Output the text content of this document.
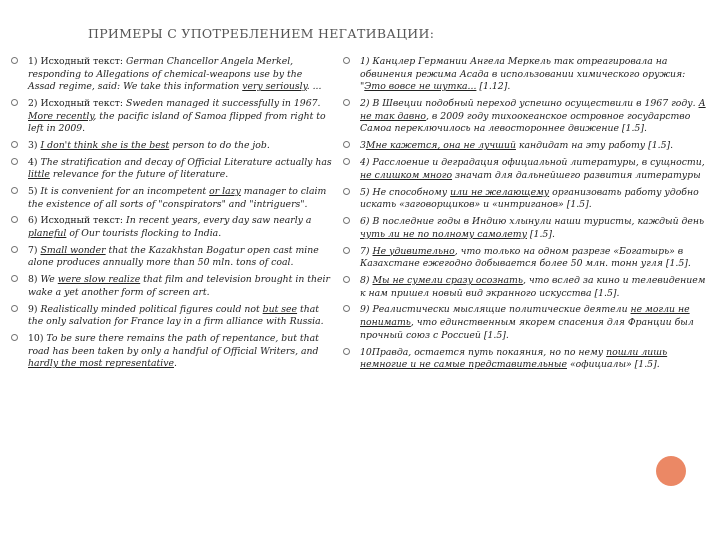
ПРИМЕРЫ С УПОТРЕБЛЕНИЕМ НЕГАТИВАЦИИ:
1) Исходный текст: German Chancellor Angela Merkel, responding to Allegations of chemical-weapons use by the Assad regime, said: We take this information very seriously. ...
2) Исходный текст: Sweden managed it successfully in 1967. More recently, the pacific island of Samoa flipped from right to left in 2009.
3) I don't think she is the best person to do the job.
4) The stratification and decay of Official Literature actually has little relevance for the future of literature.
5) It is convenient for an incompetent or lazy manager to claim the existence of all sorts of "conspirators" and "intriguers".
6) Исходный текст: In recent years, every day saw nearly a planeful of Our tourists flocking to India.
7) Small wonder that the Kazakhstan Bogatur open cast mine alone produces annually more than 50 mln. tons of coal.
8) We were slow realize that film and television brought in their wake a yet another form of screen art.
9) Realistically minded political figures could not but see that the only salvation for France lay in a firm alliance with Russia.
10) To be sure there remains the path of repentance, but that road has been taken by only a handful of Official Writers, and hardly the most representative.
1) Канцлер Германии Ангела Меркель так отреагировала на обвинения режима Асада в использовании химического оружия: "Это вовсе не шутка... [1.12].
2) В Швеции подобный переход успешно осуществили в 1967 году. А не так давно, в 2009 году тихоокеанское островное государство Самоа переключилось на левостороннее движение [1.5].
3Мне кажется, она не лучший кандидат на эту работу [1.5].
4) Расслоение и деградация официальной литературы, в сущности, не слишком много значат для дальнейшего развития литературы
5) Не способному или не желающему организовать работу удобно искать «заговорщиков» и «интриганов» [1.5].
6) В последние годы в Индию хлынули наши туристы, каждый день чуть ли не по полному самолету [1.5].
7) Не удивительно, что только на одном разрезе «Богатырь» в Казахстане ежегодно добывается более 50 млн. тонн угля [1.5].
8) Мы не сумели сразу осознать, что вслед за кино и телевидением к нам пришел новый вид экранного искусства [1.5].
9) Реалистически мыслящие политические деятели не могли не понимать, что единственным якорем спасения для Франции был прочный союз с Россией [1.5].
10Правда, остается путь покаяния, но по нему пошли лишь немногие и не самые представительные «официалы» [1.5].
